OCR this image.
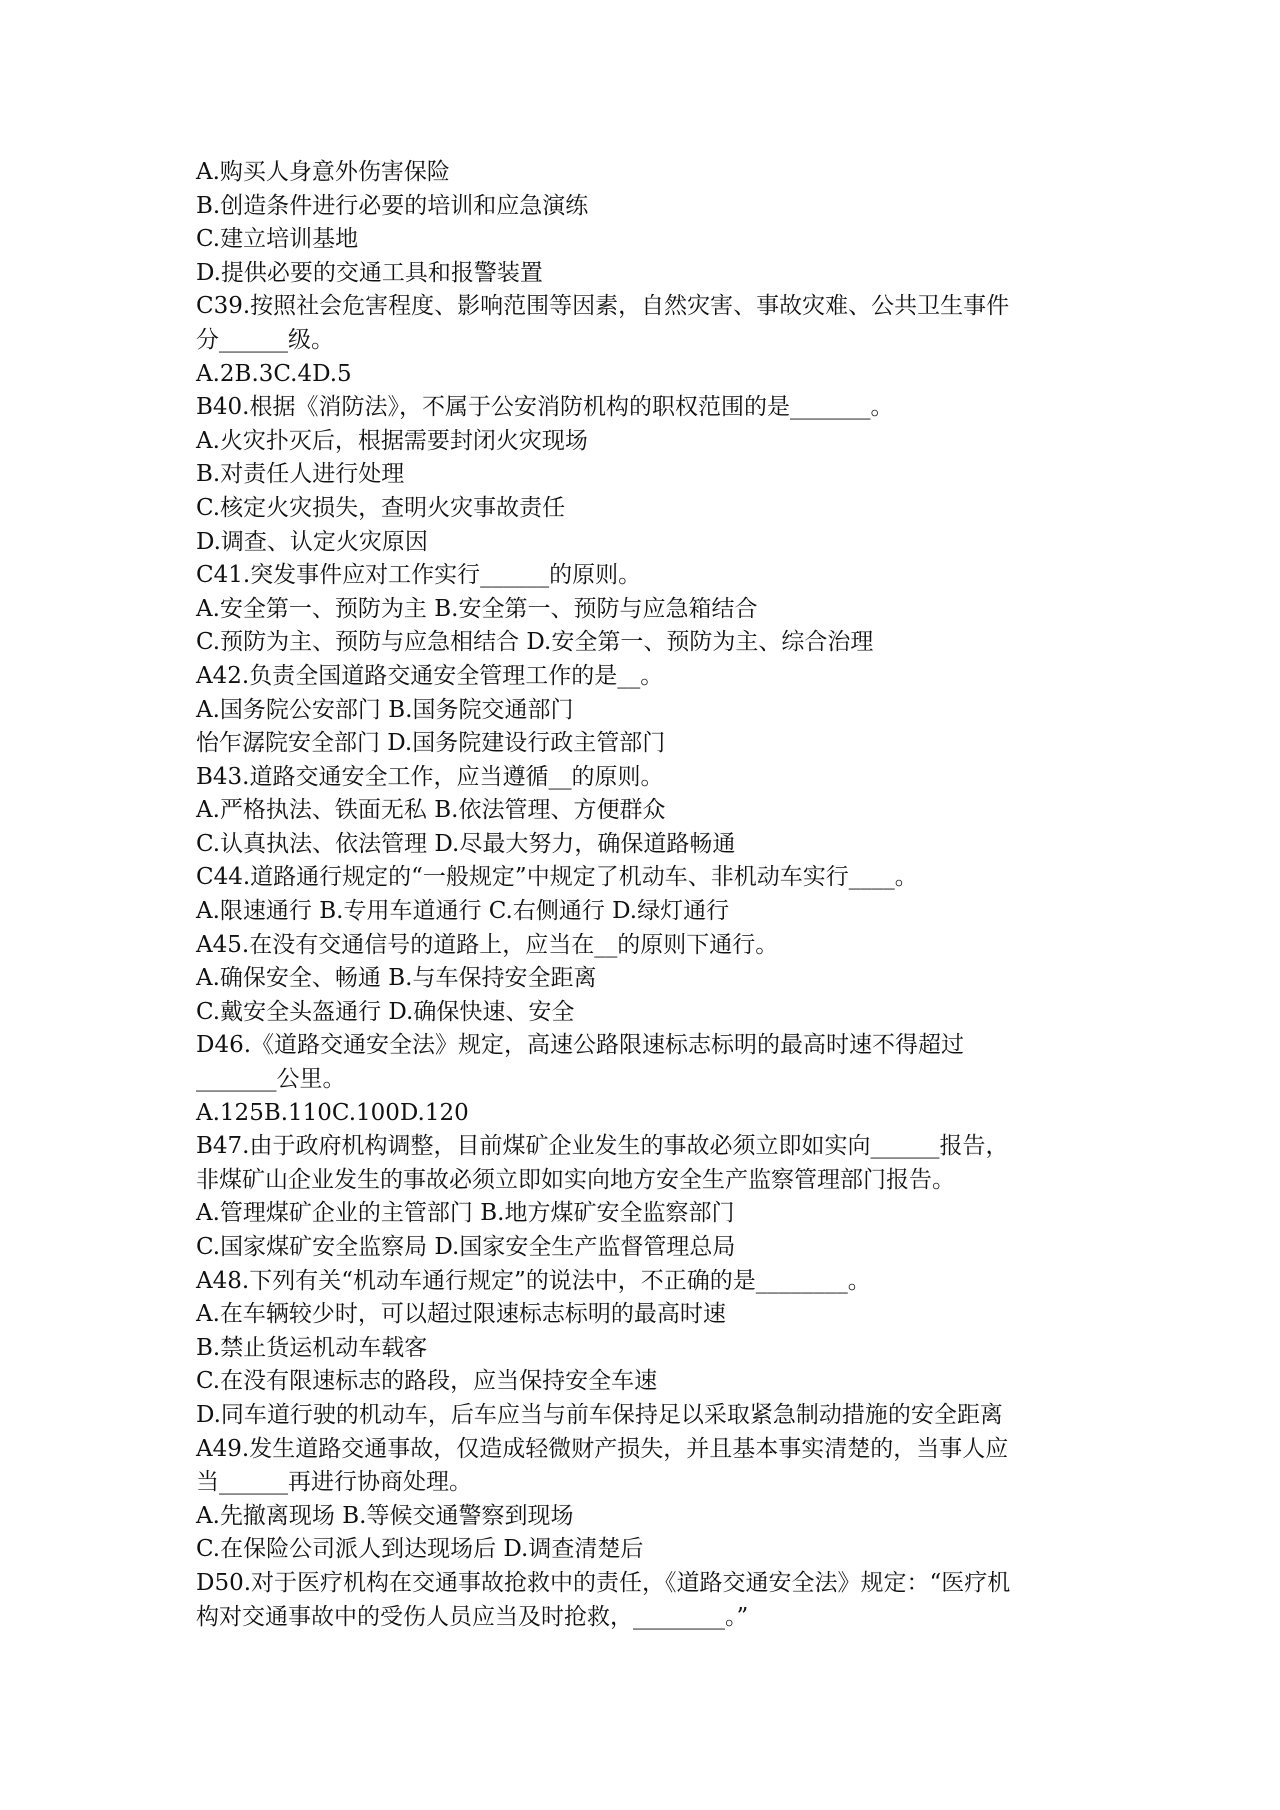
A.购买人身意外伤害保险
B.创造条件进行必要的培训和应急演练
C.建立培训基地
D.提供必要的交通工具和报警装置
C39.按照社会危害程度、影响范围等因素，自然灾害、事故灾难、公共卫生事件
分______级。
A.2B.3C.4D.5
B40.根据《消防法》，不属于公安消防机构的职权范围的是_______。
A.火灾扑灭后，根据需要封闭火灾现场
B.对责任人进行处理
C.核定火灾损失，查明火灾事故责任
D.调查、认定火灾原因
C41.突发事件应对工作实行______的原则。
A.安全第一、预防为主 B.安全第一、预防与应急箱结合
C.预防为主、预防与应急相结合 D.安全第一、预防为主、综合治理
A42.负责全国道路交通安全管理工作的是__。
A.国务院公安部门 B.国务院交通部门
怡乍潺院安全部门 D.国务院建设行政主管部门
B43.道路交通安全工作，应当遵循__的原则。
A.严格执法、铁面无私 B.依法管理、方便群众
C.认真执法、依法管理 D.尽最大努力，确保道路畅通
C44.道路通行规定的“一般规定”中规定了机动车、非机动车实行____。
A.限速通行 B.专用车道通行 C.右侧通行 D.绿灯通行
A45.在没有交通信号的道路上，应当在__的原则下通行。
A.确保安全、畅通 B.与车保持安全距离
C.戴安全头盔通行 D.确保快速、安全
D46.《道路交通安全法》规定，高速公路限速标志标明的最高时速不得超过
_______公里。
A.125B.110C.100D.120
B47.由于政府机构调整，目前煤矿企业发生的事故必须立即如实向______报告，
非煤矿山企业发生的事故必须立即如实向地方安全生产监察管理部门报告。
A.管理煤矿企业的主管部门 B.地方煤矿安全监察部门
C.国家煤矿安全监察局 D.国家安全生产监督管理总局
A48.下列有关“机动车通行规定”的说法中，不正确的是________。
A.在车辆较少时，可以超过限速标志标明的最高时速
B.禁止货运机动车载客
C.在没有限速标志的路段，应当保持安全车速
D.同车道行驶的机动车，后车应当与前车保持足以采取紧急制动措施的安全距离
A49.发生道路交通事故，仅造成轻微财产损失，并且基本事实清楚的，当事人应
当______再进行协商处理。
A.先撤离现场 B.等候交通警察到现场
C.在保险公司派人到达现场后 D.调查清楚后
D50.对于医疗机构在交通事故抢救中的责任，《道路交通安全法》规定：“医疗机
构对交通事故中的受伤人员应当及时抢救，________。”
